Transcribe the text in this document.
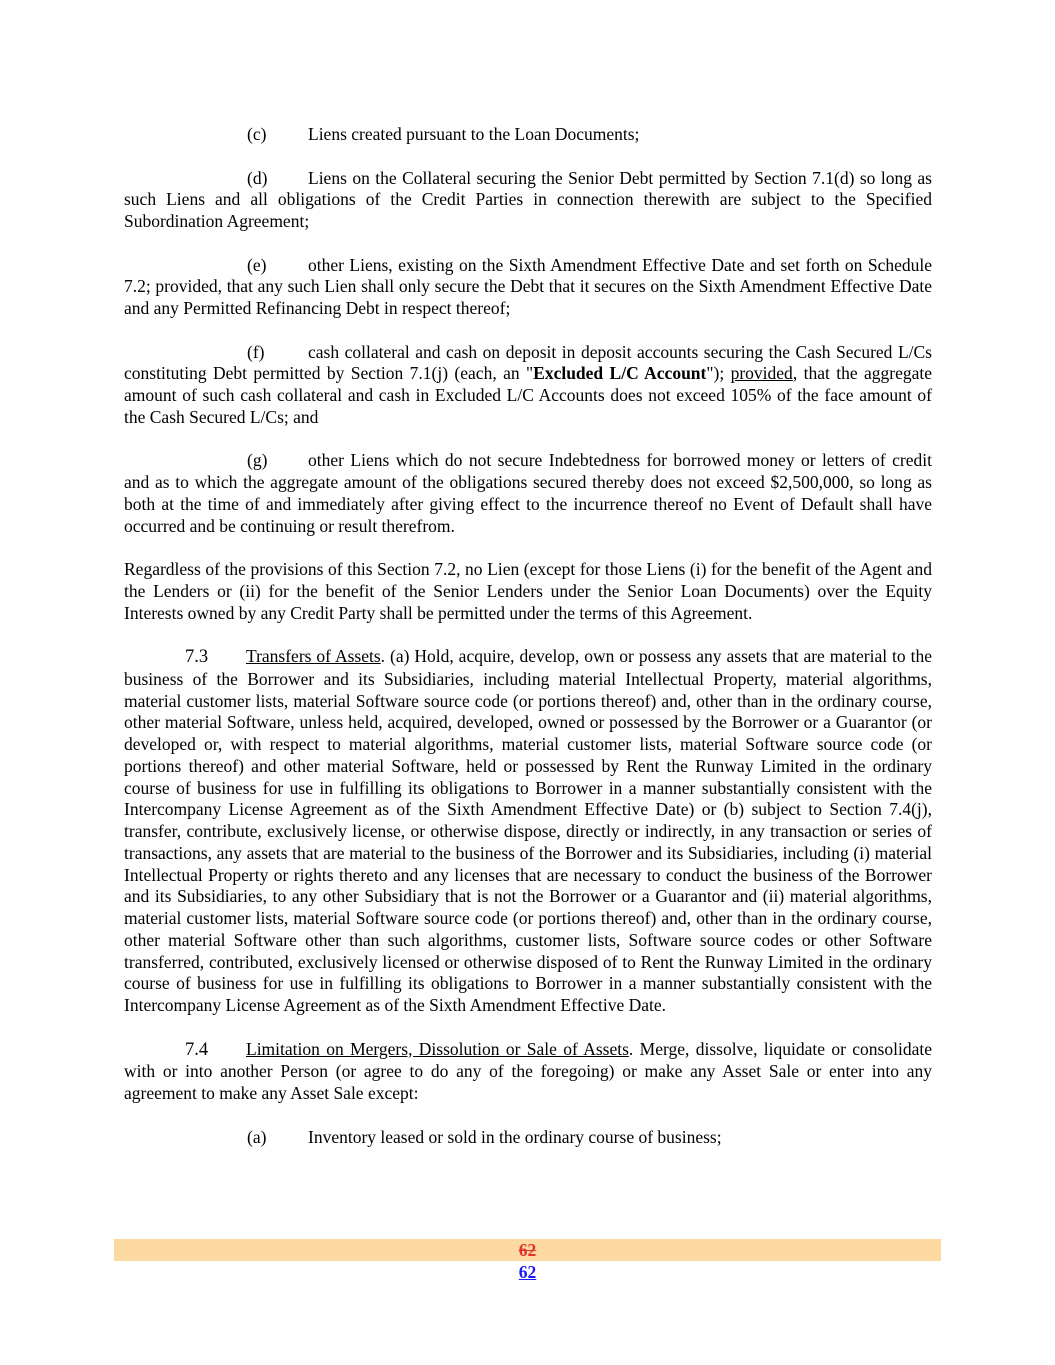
(c) Liens created pursuant to the Loan Documents;

(d) Liens on the Collateral securing the Senior Debt permitted by Section 7.1(d) so long as such Liens and all obligations of the Credit Parties in connection therewith are subject to the Specified Subordination Agreement;

(e) other Liens, existing on the Sixth Amendment Effective Date and set forth on Schedule 7.2; provided, that any such Lien shall only secure the Debt that it secures on the Sixth Amendment Effective Date and any Permitted Refinancing Debt in respect thereof;

(f) cash collateral and cash on deposit in deposit accounts securing the Cash Secured L/Cs constituting Debt permitted by Section 7.1(j) (each, an "Excluded L/C Account"); provided, that the aggregate amount of such cash collateral and cash in Excluded L/C Accounts does not exceed 105% of the face amount of the Cash Secured L/Cs; and

(g) other Liens which do not secure Indebtedness for borrowed money or letters of credit and as to which the aggregate amount of the obligations secured thereby does not exceed $2,500,000, so long as both at the time of and immediately after giving effect to the incurrence thereof no Event of Default shall have occurred and be continuing or result therefrom.

Regardless of the provisions of this Section 7.2, no Lien (except for those Liens (i) for the benefit of the Agent and the Lenders or (ii) for the benefit of the Senior Lenders under the Senior Loan Documents) over the Equity Interests owned by any Credit Party shall be permitted under the terms of this Agreement.

7.3 Transfers of Assets. (a) Hold, acquire, develop, own or possess any assets that are material to the business of the Borrower and its Subsidiaries, including material Intellectual Property, material algorithms, material customer lists, material Software source code (or portions thereof) and, other than in the ordinary course, other material Software, unless held, acquired, developed, owned or possessed by the Borrower or a Guarantor (or developed or, with respect to material algorithms, material customer lists, material Software source code (or portions thereof) and other material Software, held or possessed by Rent the Runway Limited in the ordinary course of business for use in fulfilling its obligations to Borrower in a manner substantially consistent with the Intercompany License Agreement as of the Sixth Amendment Effective Date) or (b) subject to Section 7.4(j), transfer, contribute, exclusively license, or otherwise dispose, directly or indirectly, in any transaction or series of transactions, any assets that are material to the business of the Borrower and its Subsidiaries, including (i) material Intellectual Property or rights thereto and any licenses that are necessary to conduct the business of the Borrower and its Subsidiaries, to any other Subsidiary that is not the Borrower or a Guarantor and (ii) material algorithms, material customer lists, material Software source code (or portions thereof) and, other than in the ordinary course, other material Software other than such algorithms, customer lists, Software source codes or other Software transferred, contributed, exclusively licensed or otherwise disposed of to Rent the Runway Limited in the ordinary course of business for use in fulfilling its obligations to Borrower in a manner substantially consistent with the Intercompany License Agreement as of the Sixth Amendment Effective Date.

7.4 Limitation on Mergers, Dissolution or Sale of Assets. Merge, dissolve, liquidate or consolidate with or into another Person (or agree to do any of the foregoing) or make any Asset Sale or enter into any agreement to make any Asset Sale except:

(a) Inventory leased or sold in the ordinary course of business;

62
62
